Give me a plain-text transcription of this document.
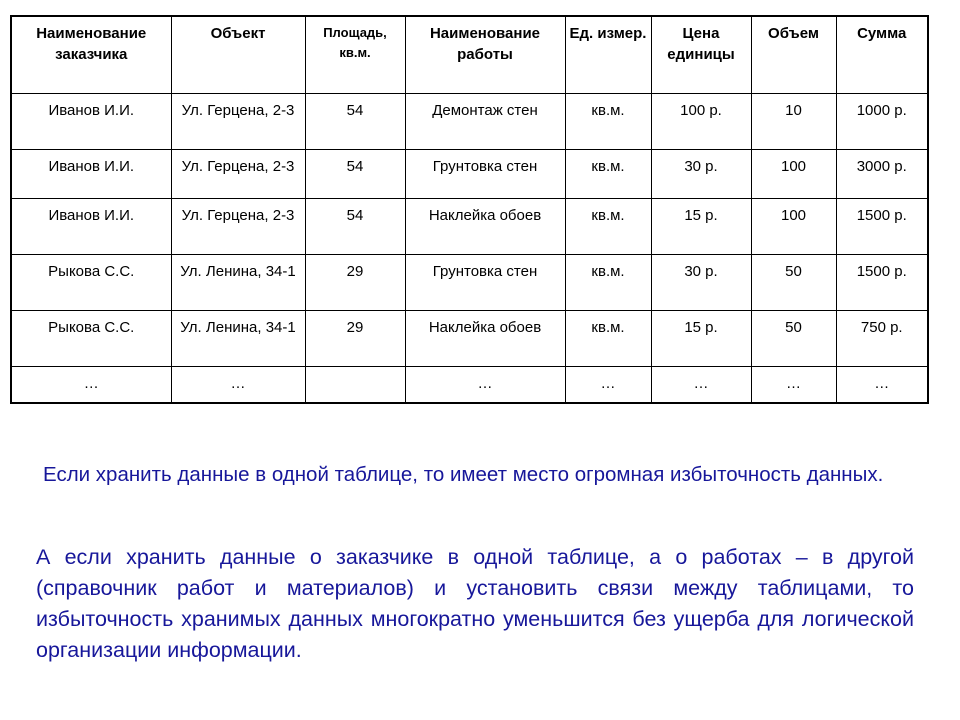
Наименование заказчика	Объект	Площадь, кв.м.	Наименование работы	Ед. измер.	Цена единицы	Объем	Сумма
Иванов И.И.	Ул. Герцена, 2-3	54	Демонтаж стен	кв.м.	100 р.	10	1000 р.
Иванов И.И.	Ул. Герцена, 2-3	54	Грунтовка стен	кв.м.	30 р.	100	3000 р.
Иванов И.И.	Ул. Герцена, 2-3	54	Наклейка обоев	кв.м.	15 р.	100	1500 р.
Рыкова С.С.	Ул. Ленина, 34-1	29	Грунтовка стен	кв.м.	30 р.	50	1500 р.
Рыкова С.С.	Ул. Ленина, 34-1	29	Наклейка обоев	кв.м.	15 р.	50	750 р.
…	…		…	…	…	…	…

Если хранить данные в одной таблице, то имеет место огромная избыточность данных.

А если хранить данные о заказчике в одной таблице, а о работах – в другой (справочник работ и материалов) и установить связи между таблицами, то избыточность хранимых данных многократно уменьшится без ущерба для логической организации информации.
